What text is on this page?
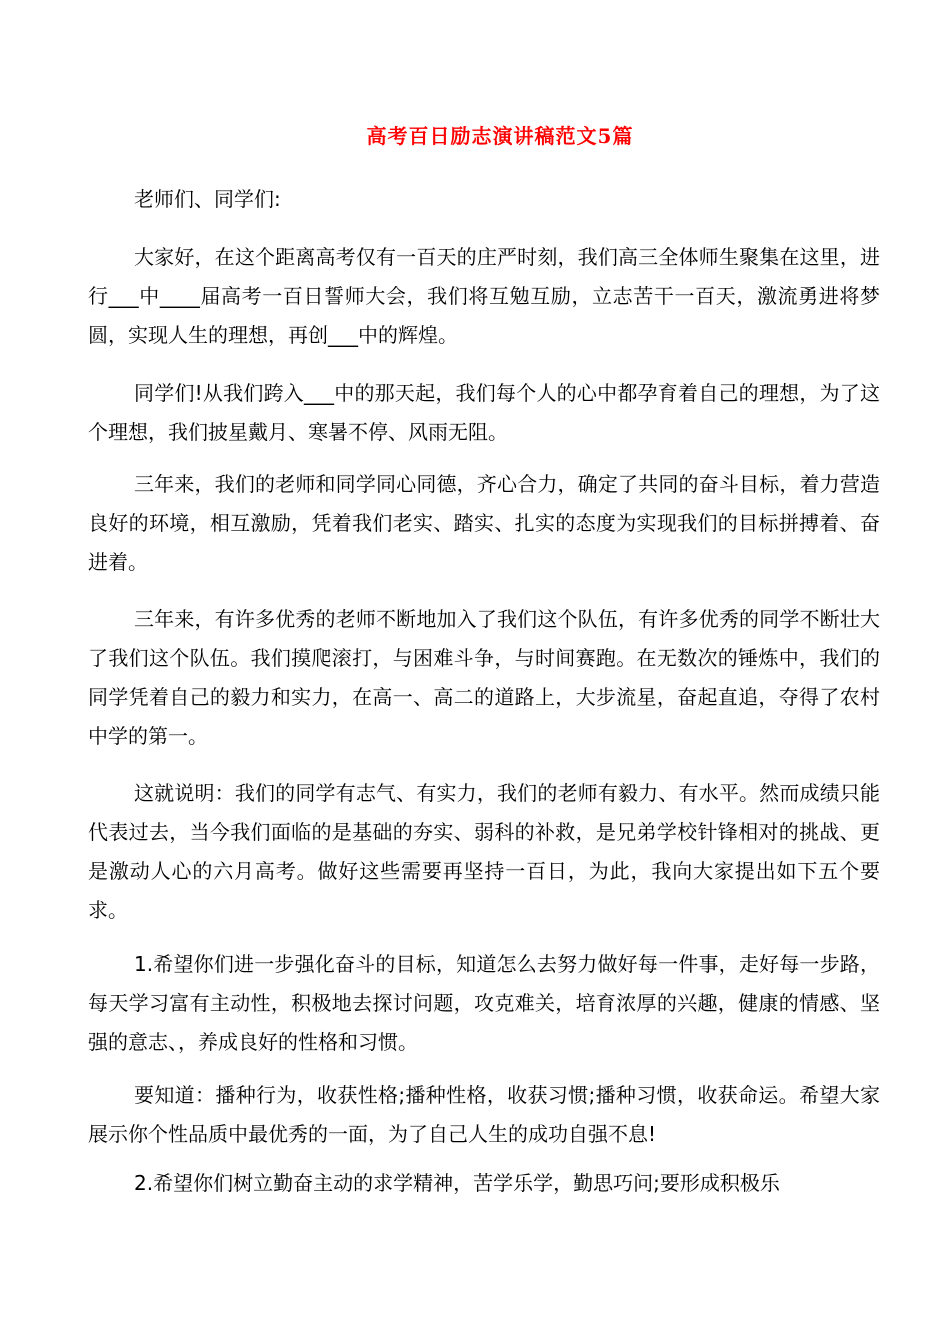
高考百日励志演讲稿范文5篇

老师们、同学们:

大家好，在这个距离高考仅有一百天的庄严时刻，我们高三全体师生聚集在这里，进行___中____届高考一百日誓师大会，我们将互勉互励，立志苦干一百天，激流勇进将梦圆，实现人生的理想，再创___中的辉煌。

同学们!从我们跨入___中的那天起，我们每个人的心中都孕育着自己的理想，为了这个理想，我们披星戴月、寒暑不停、风雨无阻。

三年来，我们的老师和同学同心同德，齐心合力，确定了共同的奋斗目标，着力营造良好的环境，相互激励，凭着我们老实、踏实、扎实的态度为实现我们的目标拼搏着、奋进着。

三年来，有许多优秀的老师不断地加入了我们这个队伍，有许多优秀的同学不断壮大了我们这个队伍。我们摸爬滚打，与困难斗争，与时间赛跑。在无数次的锤炼中，我们的同学凭着自己的毅力和实力，在高一、高二的道路上，大步流星，奋起直追，夺得了农村中学的第一。

这就说明：我们的同学有志气、有实力，我们的老师有毅力、有水平。然而成绩只能代表过去，当今我们面临的是基础的夯实、弱科的补救，是兄弟学校针锋相对的挑战、更是激动人心的六月高考。做好这些需要再坚持一百日，为此，我向大家提出如下五个要求。

1.希望你们进一步强化奋斗的目标，知道怎么去努力做好每一件事，走好每一步路，每天学习富有主动性，积极地去探讨问题，攻克难关，培育浓厚的兴趣，健康的情感、坚强的意志、，养成良好的性格和习惯。

要知道：播种行为，收获性格;播种性格，收获习惯;播种习惯，收获命运。希望大家展示你个性品质中最优秀的一面，为了自己人生的成功自强不息!

2.希望你们树立勤奋主动的求学精神，苦学乐学，勤思巧问;要形成积极乐
